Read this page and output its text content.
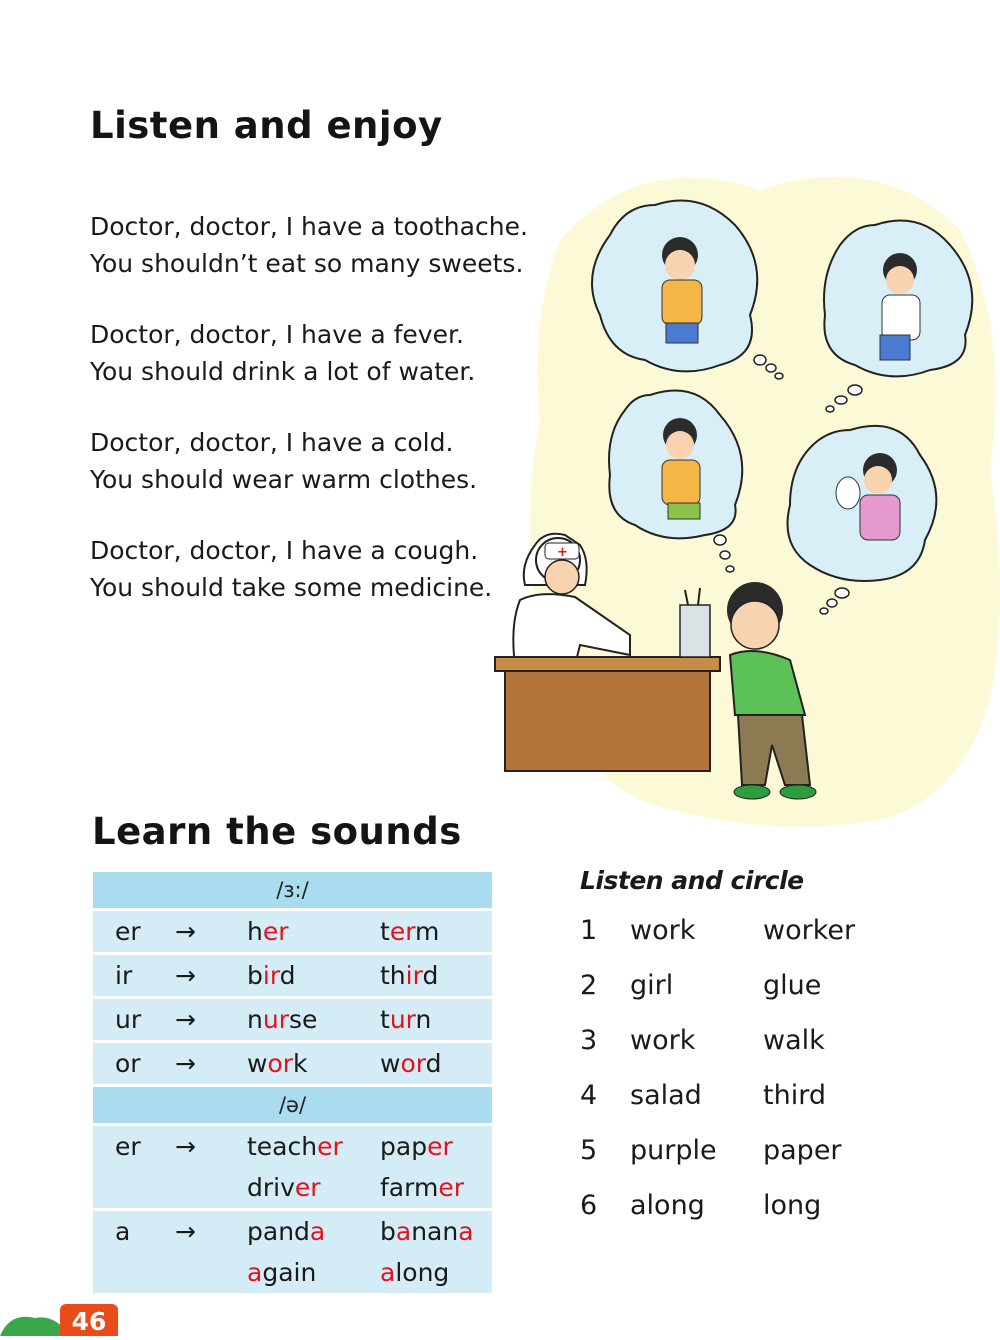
Listen and enjoy
Doctor, doctor, I have a toothache.
You shouldn’t eat so many sweets.
Doctor, doctor, I have a fever.
You should drink a lot of water.
Doctor, doctor, I have a cold.
You should wear warm clothes.
Doctor, doctor, I have a cough.
You should take some medicine.
+
Learn the sounds
/ɜ:/			
er	→	her	term
ir	→	bird	third
ur	→	nurse	turn
or	→	work	word
/ə/			
er	→	teacher	paper
		driver	farmer
a	→	panda	banana
		again	along
Listen and circle
1	work	worker
2	girl	glue
3	work	walk
4	salad	third
5	purple	paper
6	along	long
46
